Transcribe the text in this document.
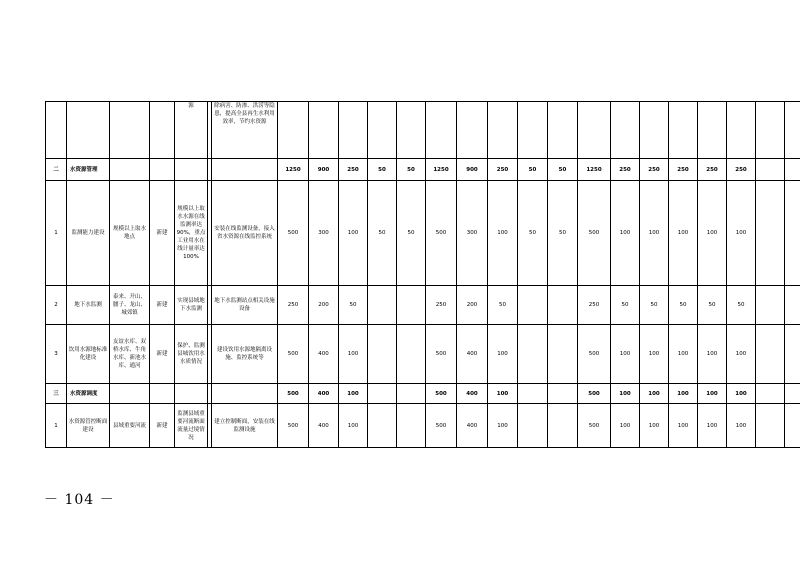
				源		除病害、防渗、洪涝等隐患，提高全县再生水利用效率，节约水资源																		
二	水资源管理						1250	900	250	50	50	1250	900	250	50	50	1250	250	250	250	250	250		
1	监测能力建设	规模以上取水地点	新建	规模以上取水水源在线监测率达90%，重点工业用水在线计量率达100%		安装在线监测设备，接入省水资源在线监控系统	500	300	100	50	50	500	300	100	50	50	500	100	100	100	100	100		
2	地下水监测	泰来、开山、腰子、龙山、城郊镇	新建	实现县域地下水监测		地下水监测站点相关设施设备	250	200	50			250	200	50			250	50	50	50	50	50		
3	饮用水源地标准化建设	友谊水库、双桥水库、牛角水库、新池水库、通河	新建	保护、监测县城饮用水水质情况		建设饮用水源地隔离设施、监控系统等	500	400	100			500	400	100			500	100	100	100	100	100		
三	水资源调度						500	400	100			500	400	100			500	100	100	100	100	100		
1	水资源管控断面建设	县域重要河流	新建	监测县域重要河流断面流量过境情况		建立控制断面，安装在线监测设施	500	400	100			500	400	100			500	100	100	100	100	100		
－ 104 －
